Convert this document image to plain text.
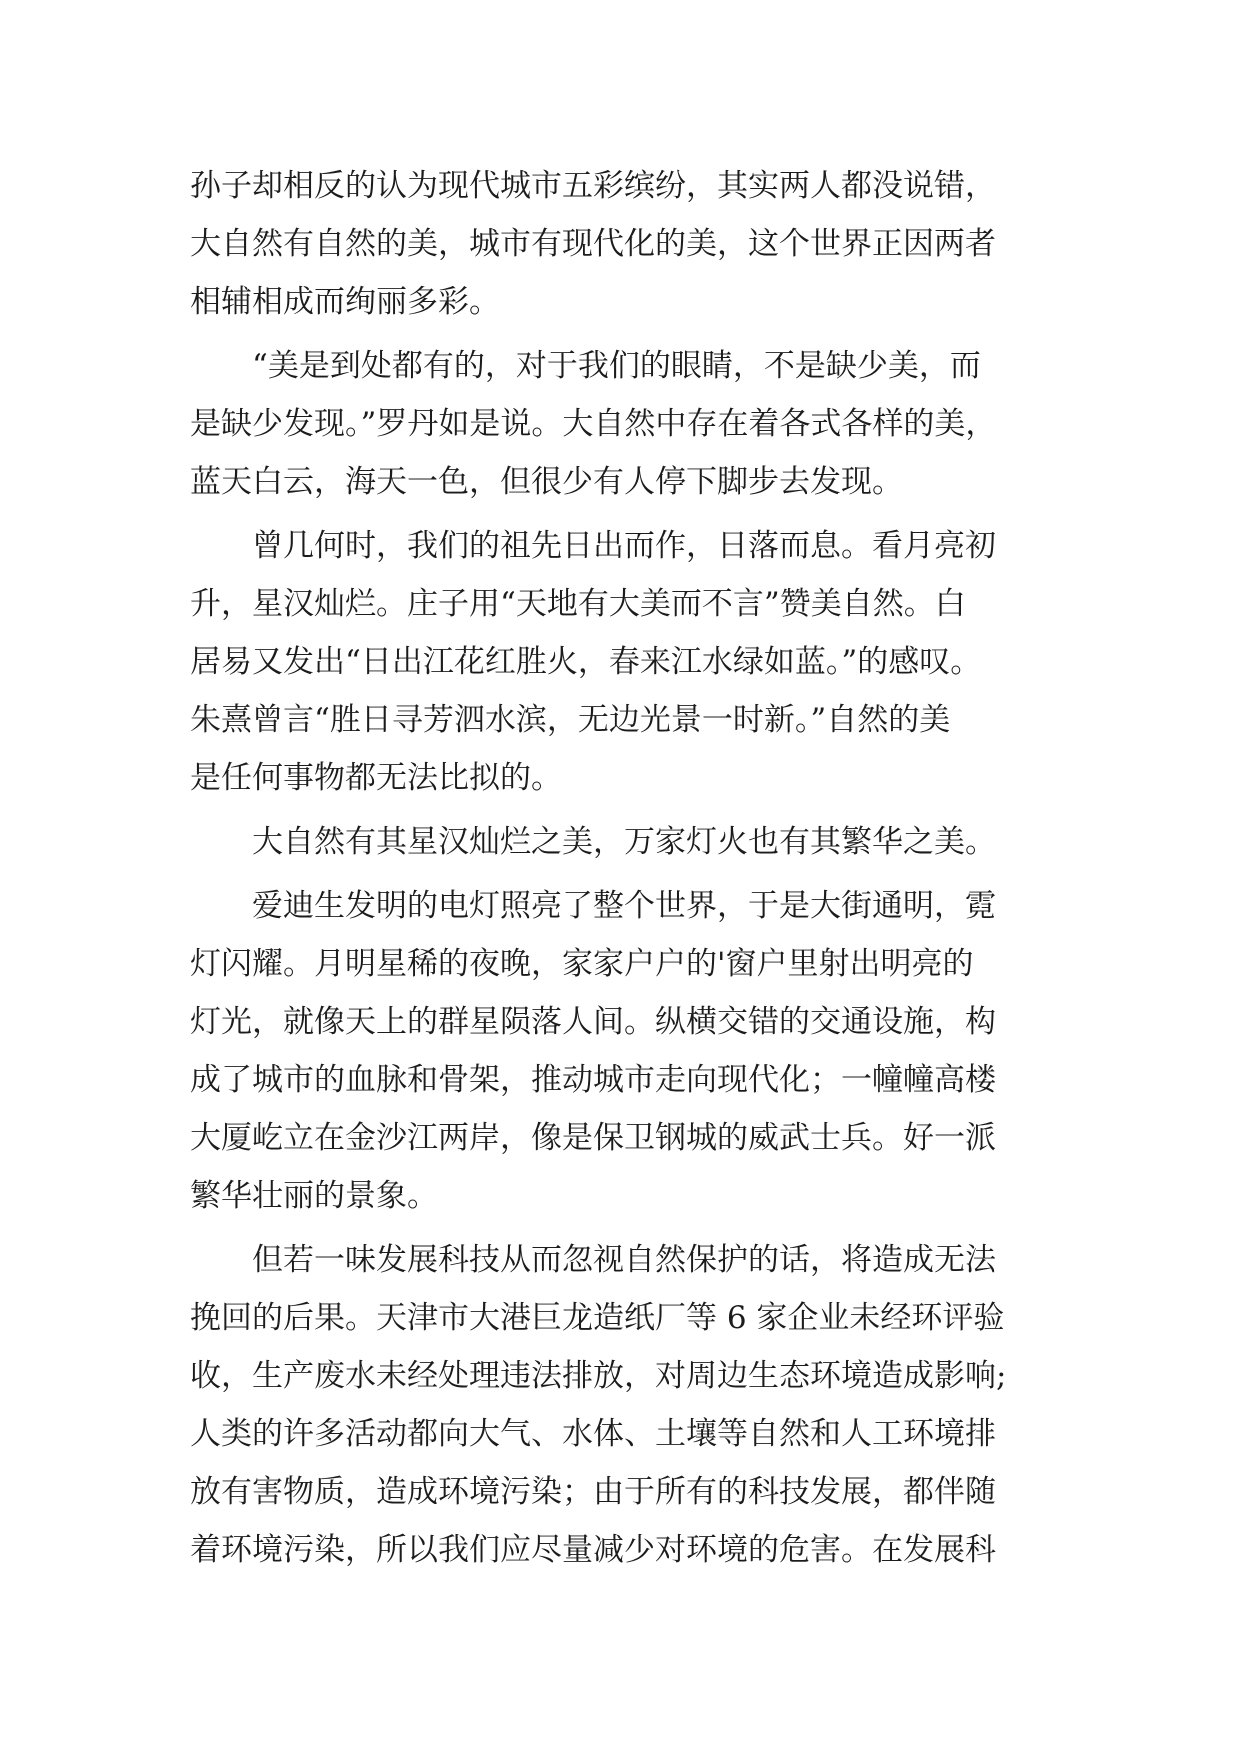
孙子却相反的认为现代城市五彩缤纷，其实两人都没说错，
大自然有自然的美，城市有现代化的美，这个世界正因两者
相辅相成而绚丽多彩。
“美是到处都有的，对于我们的眼睛，不是缺少美，而
是缺少发现。”罗丹如是说。大自然中存在着各式各样的美，
蓝天白云，海天一色，但很少有人停下脚步去发现。
曾几何时，我们的祖先日出而作，日落而息。看月亮初
升，星汉灿烂。庄子用“天地有大美而不言”赞美自然。白
居易又发出“日出江花红胜火，春来江水绿如蓝。”的感叹。
朱熹曾言“胜日寻芳泗水滨，无边光景一时新。”自然的美
是任何事物都无法比拟的。
大自然有其星汉灿烂之美，万家灯火也有其繁华之美。
爱迪生发明的电灯照亮了整个世界，于是大街通明，霓
灯闪耀。月明星稀的夜晚，家家户户的'窗户里射出明亮的
灯光，就像天上的群星陨落人间。纵横交错的交通设施，构
成了城市的血脉和骨架，推动城市走向现代化；一幢幢高楼
大厦屹立在金沙江两岸，像是保卫钢城的威武士兵。好一派
繁华壮丽的景象。
但若一味发展科技从而忽视自然保护的话，将造成无法
挽回的后果。天津市大港巨龙造纸厂等 6 家企业未经环评验
收，生产废水未经处理违法排放，对周边生态环境造成影响;
人类的许多活动都向大气、水体、土壤等自然和人工环境排
放有害物质，造成环境污染；由于所有的科技发展，都伴随
着环境污染，所以我们应尽量减少对环境的危害。在发展科
